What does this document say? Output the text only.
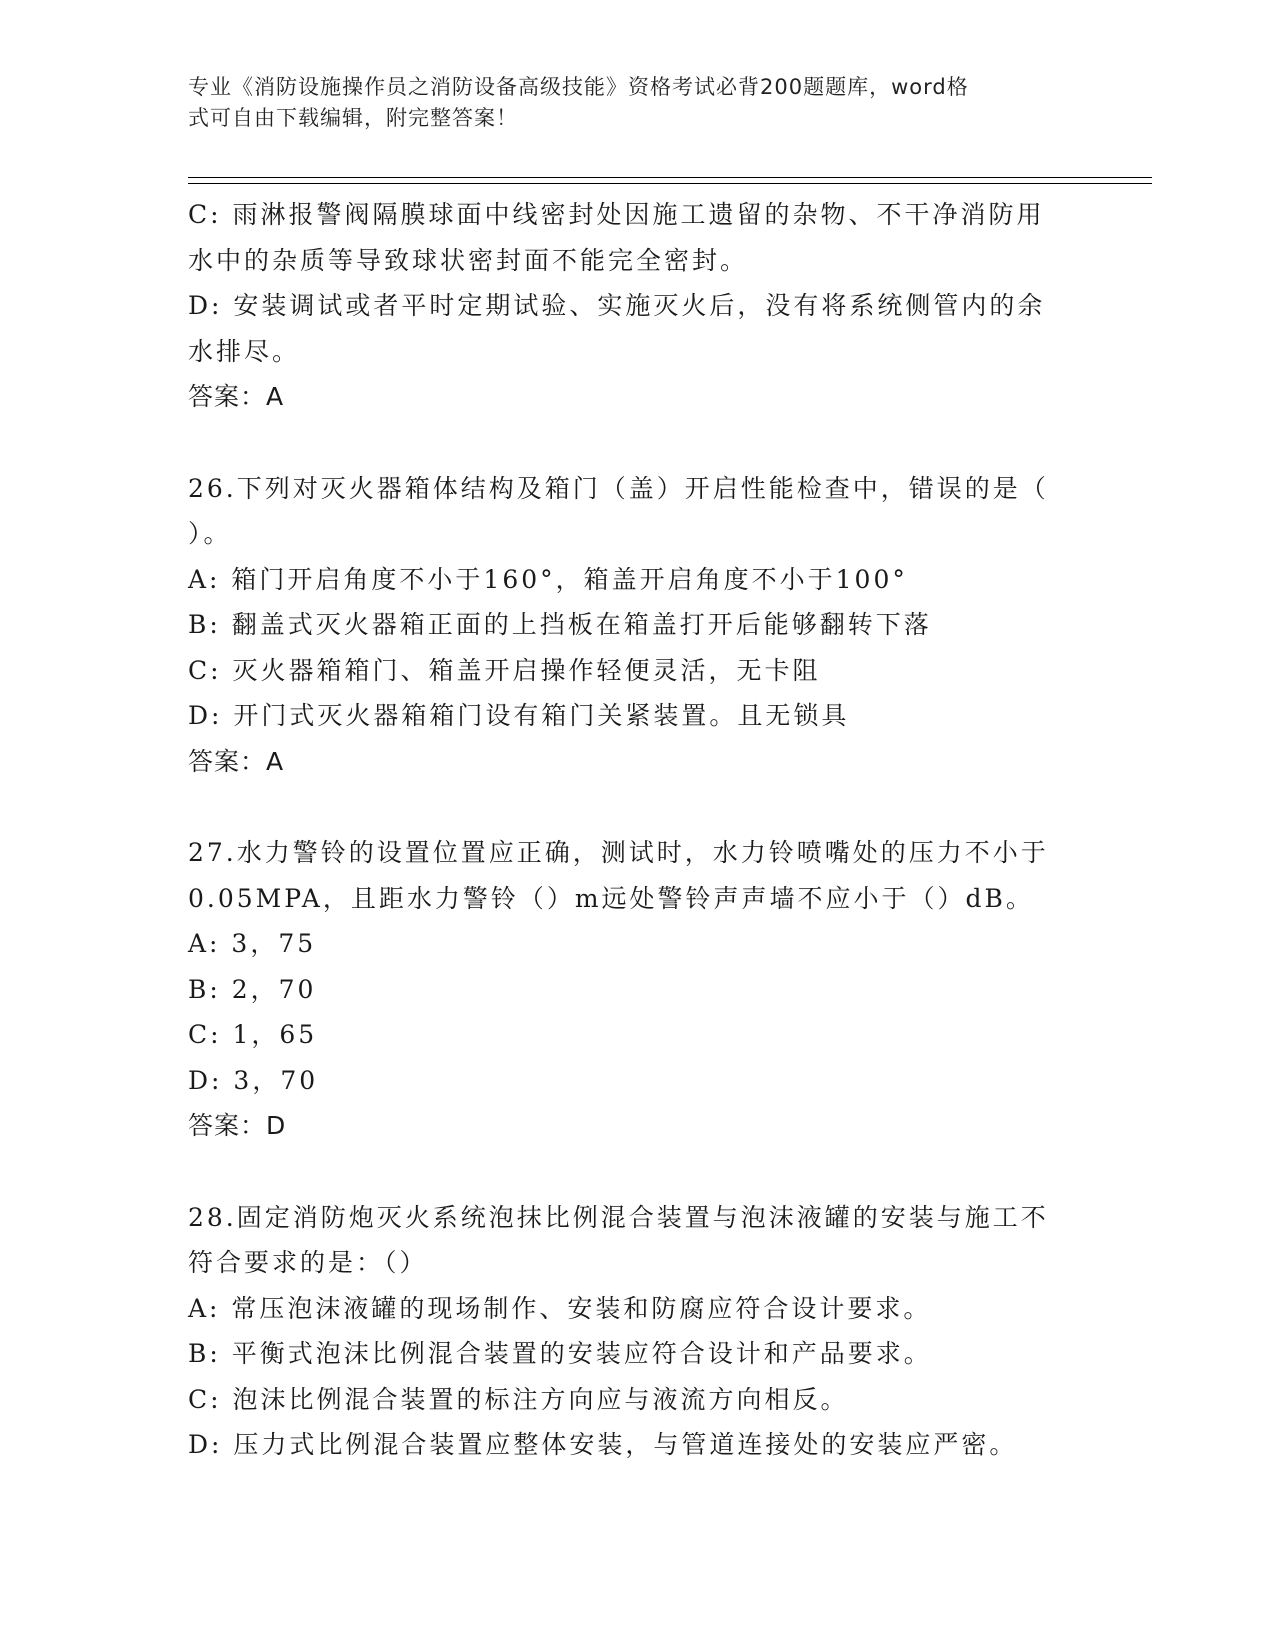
专业《消防设施操作员之消防设备高级技能》资格考试必背200题题库，word格
式可自由下载编辑，附完整答案！
C: 雨淋报警阀隔膜球面中线密封处因施工遗留的杂物、不干净消防用
水中的杂质等导致球状密封面不能完全密封。
D: 安装调试或者平时定期试验、实施灭火后，没有将系统侧管内的余
水排尽。
答案：A
26.下列对灭火器箱体结构及箱门（盖）开启性能检查中，错误的是（
）。
A: 箱门开启角度不小于160°，箱盖开启角度不小于100°
B: 翻盖式灭火器箱正面的上挡板在箱盖打开后能够翻转下落
C: 灭火器箱箱门、箱盖开启操作轻便灵活，无卡阻
D: 开门式灭火器箱箱门设有箱门关紧装置。且无锁具
答案：A
27.水力警铃的设置位置应正确，测试时，水力铃喷嘴处的压力不小于
0.05MPA，且距水力警铃（）m远处警铃声声墙不应小于（）dB。
A: 3，75
B: 2，70
C: 1，65
D: 3，70
答案：D
28.固定消防炮灭火系统泡抹比例混合装置与泡沫液罐的安装与施工不
符合要求的是：（）
A: 常压泡沫液罐的现场制作、安装和防腐应符合设计要求。
B: 平衡式泡沫比例混合装置的安装应符合设计和产品要求。
C: 泡沫比例混合装置的标注方向应与液流方向相反。
D: 压力式比例混合装置应整体安装，与管道连接处的安装应严密。
